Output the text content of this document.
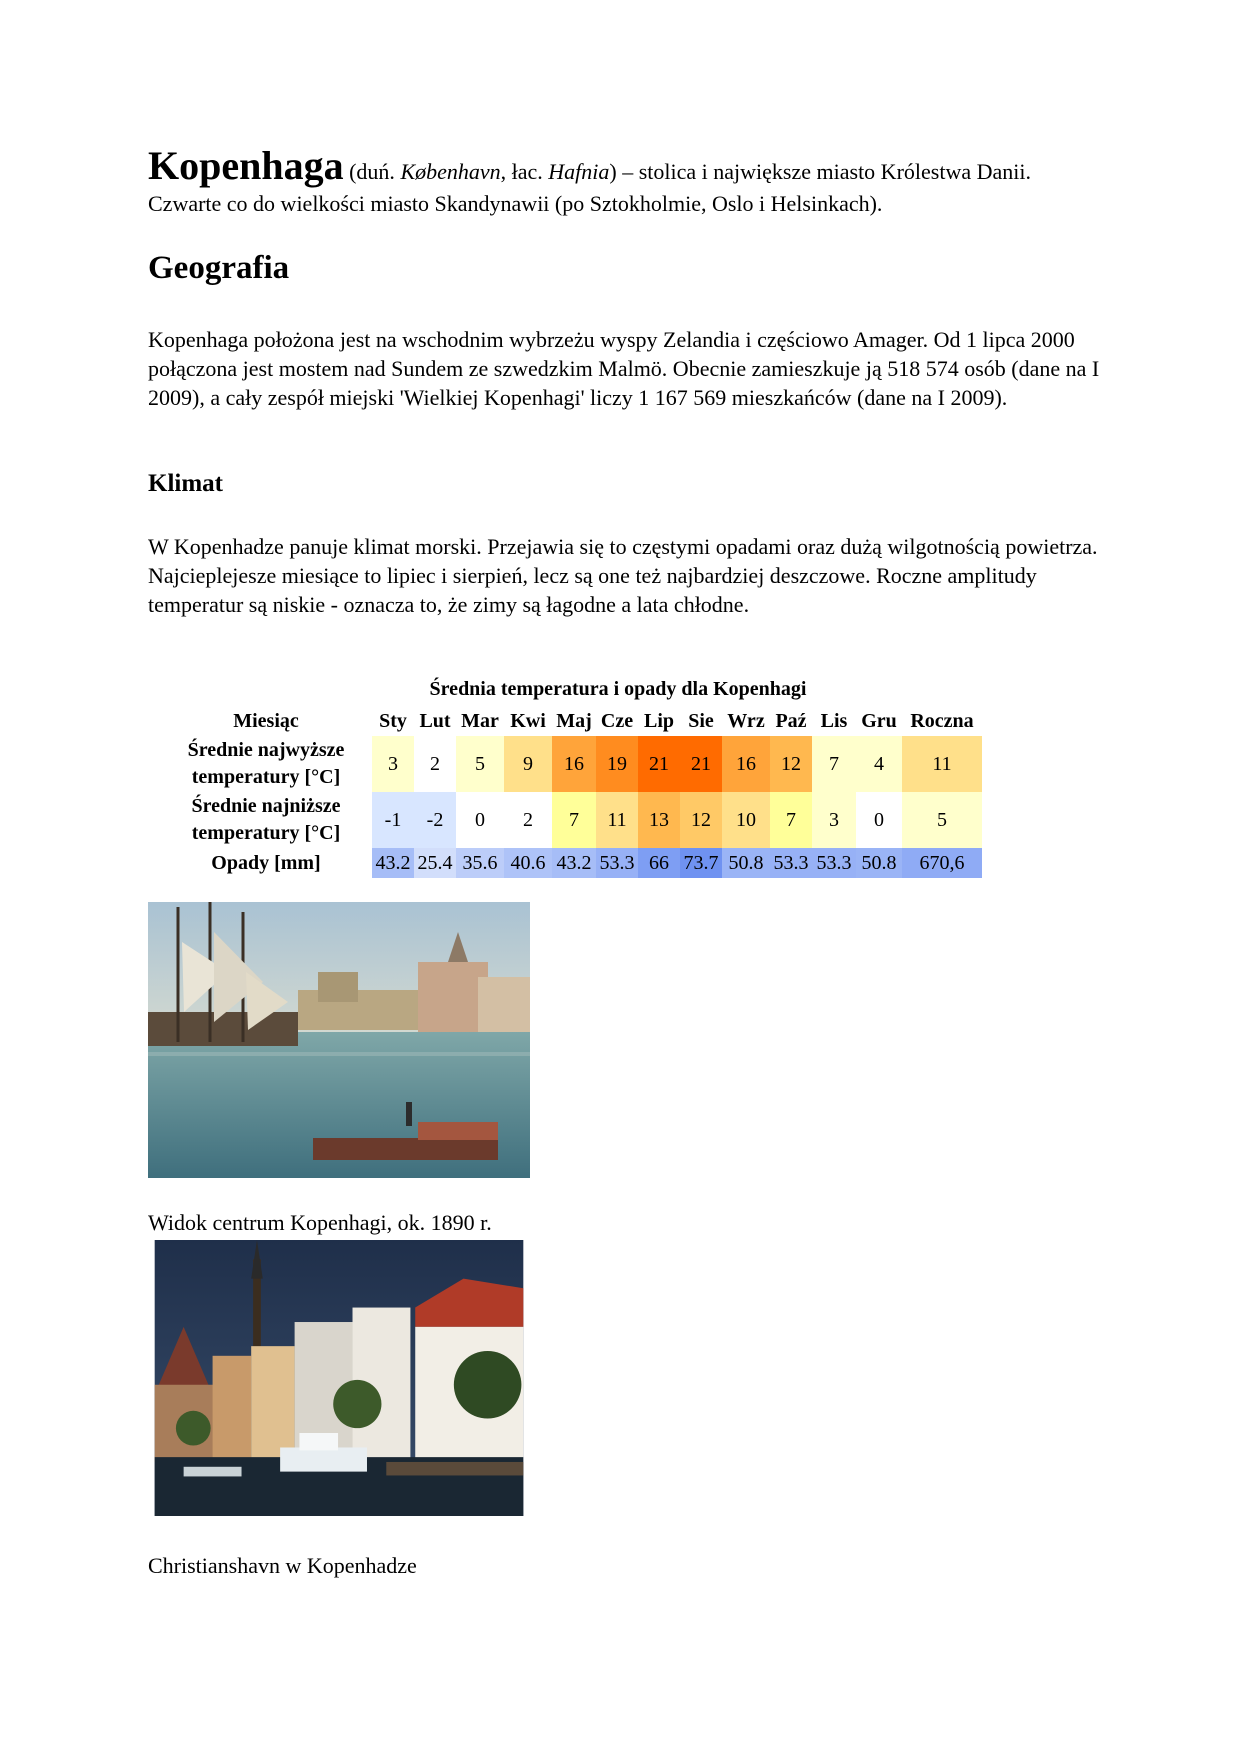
Kopenhaga (duń. København, łac. Hafnia) – stolica i największe miasto Królestwa Danii. Czwarte co do wielkości miasto Skandynawii (po Sztokholmie, Oslo i Helsinkach).
Geografia
Kopenhaga położona jest na wschodnim wybrzeżu wyspy Zelandia i częściowo Amager. Od 1 lipca 2000 połączona jest mostem nad Sundem ze szwedzkim Malmö. Obecnie zamieszkuje ją 518 574 osób (dane na I 2009), a cały zespół miejski 'Wielkiej Kopenhagi' liczy 1 167 569 mieszkańców (dane na I 2009).
Klimat
W Kopenhadze panuje klimat morski. Przejawia się to częstymi opadami oraz dużą wilgotnością powietrza. Najcieplejesze miesiące to lipiec i sierpień, lecz są one też najbardziej deszczowe. Roczne amplitudy temperatur są niskie - oznacza to, że zimy są łagodne a lata chłodne.
Średnia temperatura i opady dla Kopenhagi
Miesiąc	Sty	Lut	Mar	Kwi	Maj	Cze	Lip	Sie	Wrz	Paź	Lis	Gru	Roczna
Średnie najwyższe temperatury [°C]	3	2	5	9	16	19	21	21	16	12	7	4	11
Średnie najniższe temperatury [°C]	-1	-2	0	2	7	11	13	12	10	7	3	0	5
Opady [mm]	43.2	25.4	35.6	40.6	43.2	53.3	66	73.7	50.8	53.3	53.3	50.8	670,6
Widok centrum Kopenhagi, ok. 1890 r.
Christianshavn w Kopenhadze
